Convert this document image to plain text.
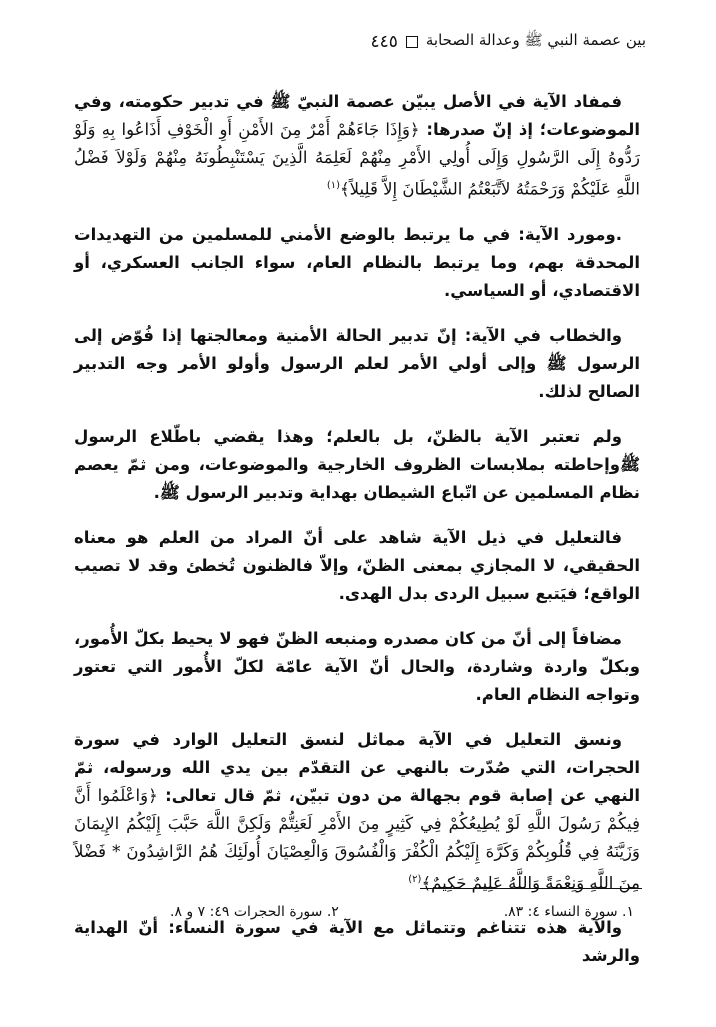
بين عصمة النبي ﷺ وعدالة الصحابة
٤٤٥

فمفاد الآية في الأصل يبيّن عصمة النبيّ ﷺ في تدبير حكومته، وفي الموضوعات؛ إذ إنّ صدرها: ﴿وَإِذَا جَاءَهُمْ أَمْرٌ مِنَ الأَمْنِ أَوِ الْخَوْفِ أَذَاعُوا بِهِ وَلَوْ رَدُّوهُ إِلَى الرَّسُولِ وَإِلَى أُولِي الأَمْرِ مِنْهُمْ لَعَلِمَهُ الَّذِينَ يَسْتَنْبِطُونَهُ مِنْهُمْ وَلَوْلاَ فَضْلُ اللَّهِ عَلَيْكُمْ وَرَحْمَتُهُ لاَتَّبَعْتُمُ الشَّيْطَانَ إِلاَّ قَلِيلاً﴾$^{(١)}$

.ومورد الآية: في ما يرتبط بالوضع الأمني للمسلمين من التهديدات المحدقة بهم، وما يرتبط بالنظام العام، سواء الجانب العسكري، أو الاقتصادي، أو السياسي.

والخطاب في الآية: إنّ تدبير الحالة الأمنية ومعالجتها إذا فُوّض إلى الرسول ﷺ وإلى أولي الأمر لعلم الرسول وأولو الأمر وجه التدبير الصالح لذلك.

ولم تعتبر الآية بالظنّ، بل بالعلم؛ وهذا يقضي باطّلاع الرسول ﷺوإحاطته بملابسات الظروف الخارجية والموضوعات، ومن ثمّ يعصم نظام المسلمين عن اتّباع الشيطان بهداية وتدبير الرسول ﷺ.

فالتعليل في ذيل الآية شاهد على أنّ المراد من العلم هو معناه الحقيقي، لا المجازي بمعنى الظنّ، وإلاّ فالظنون تُخطئ وقد لا تصيب الواقع؛ فيَتبع سبيل الردى بدل الهدى.

مضافاً إلى أنّ من كان مصدره ومنبعه الظنّ فهو لا يحيط بكلّ الأُمور، وبكلّ واردة وشاردة، والحال أنّ الآية عامّة لكلّ الأُمور التي تعتور وتواجه النظام العام.

ونسق التعليل في الآية مماثل لنسق التعليل الوارد في سورة الحجرات، التي صُدّرت بالنهي عن التقدّم بين يدي الله ورسوله، ثمّ النهي عن إصابة قوم بجهالة من دون تبيّن، ثمّ قال تعالى: ﴿وَاعْلَمُوا أَنَّ فِيكُمْ رَسُولَ اللَّهِ لَوْ يُطِيعُكُمْ فِي كَثِيرٍ مِنَ الأَمْرِ لَعَنِتُّمْ وَلَكِنَّ اللَّهَ حَبَّبَ إِلَيْكُمُ الإِيمَانَ وَزَيَّنَهُ فِي قُلُوبِكُمْ وَكَرَّهَ إِلَيْكُمُ الْكُفْرَ وَالْفُسُوقَ وَالْعِصْيَانَ أُولَئِكَ هُمُ الرَّاشِدُونَ * فَضْلاً مِنَ اللَّهِ وَنِعْمَةً وَاللَّهُ عَلِيمٌ حَكِيمٌ﴾$^{(٢)}$

والآية هذه تتناغم وتتماثل مع الآية في سورة النساء: أنّ الهداية والرشد

١. سورة النساء ٤: ٨٣.
٢. سورة الحجرات ٤٩: ٧ و ٨.
